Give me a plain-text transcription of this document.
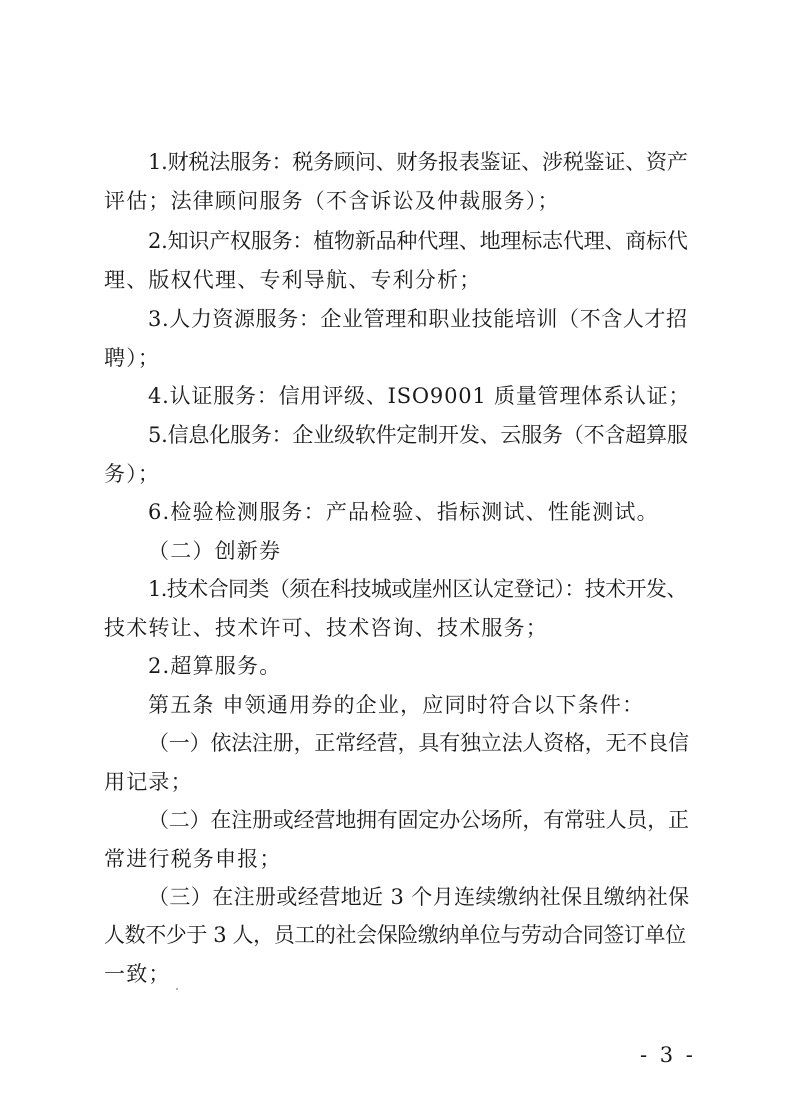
1.财税法服务：税务顾问、财务报表鉴证、涉税鉴证、资产
评估；法律顾问服务（不含诉讼及仲裁服务）；
2.知识产权服务：植物新品种代理、地理标志代理、商标代
理、版权代理、专利导航、专利分析；
3.人力资源服务：企业管理和职业技能培训（不含人才招
聘）；
4.认证服务：信用评级、ISO9001 质量管理体系认证；
5.信息化服务：企业级软件定制开发、云服务（不含超算服
务）；
6.检验检测服务：产品检验、指标测试、性能测试。
（二）创新券
1.技术合同类（须在科技城或崖州区认定登记）：技术开发、
技术转让、技术许可、技术咨询、技术服务；
2.超算服务。
第五条 申领通用券的企业，应同时符合以下条件：
（一）依法注册，正常经营，具有独立法人资格，无不良信
用记录；
（二）在注册或经营地拥有固定办公场所，有常驻人员，正
常进行税务申报；
（三）在注册或经营地近 3 个月连续缴纳社保且缴纳社保
人数不少于 3 人，员工的社会保险缴纳单位与劳动合同签订单位
一致；
- 3 -
